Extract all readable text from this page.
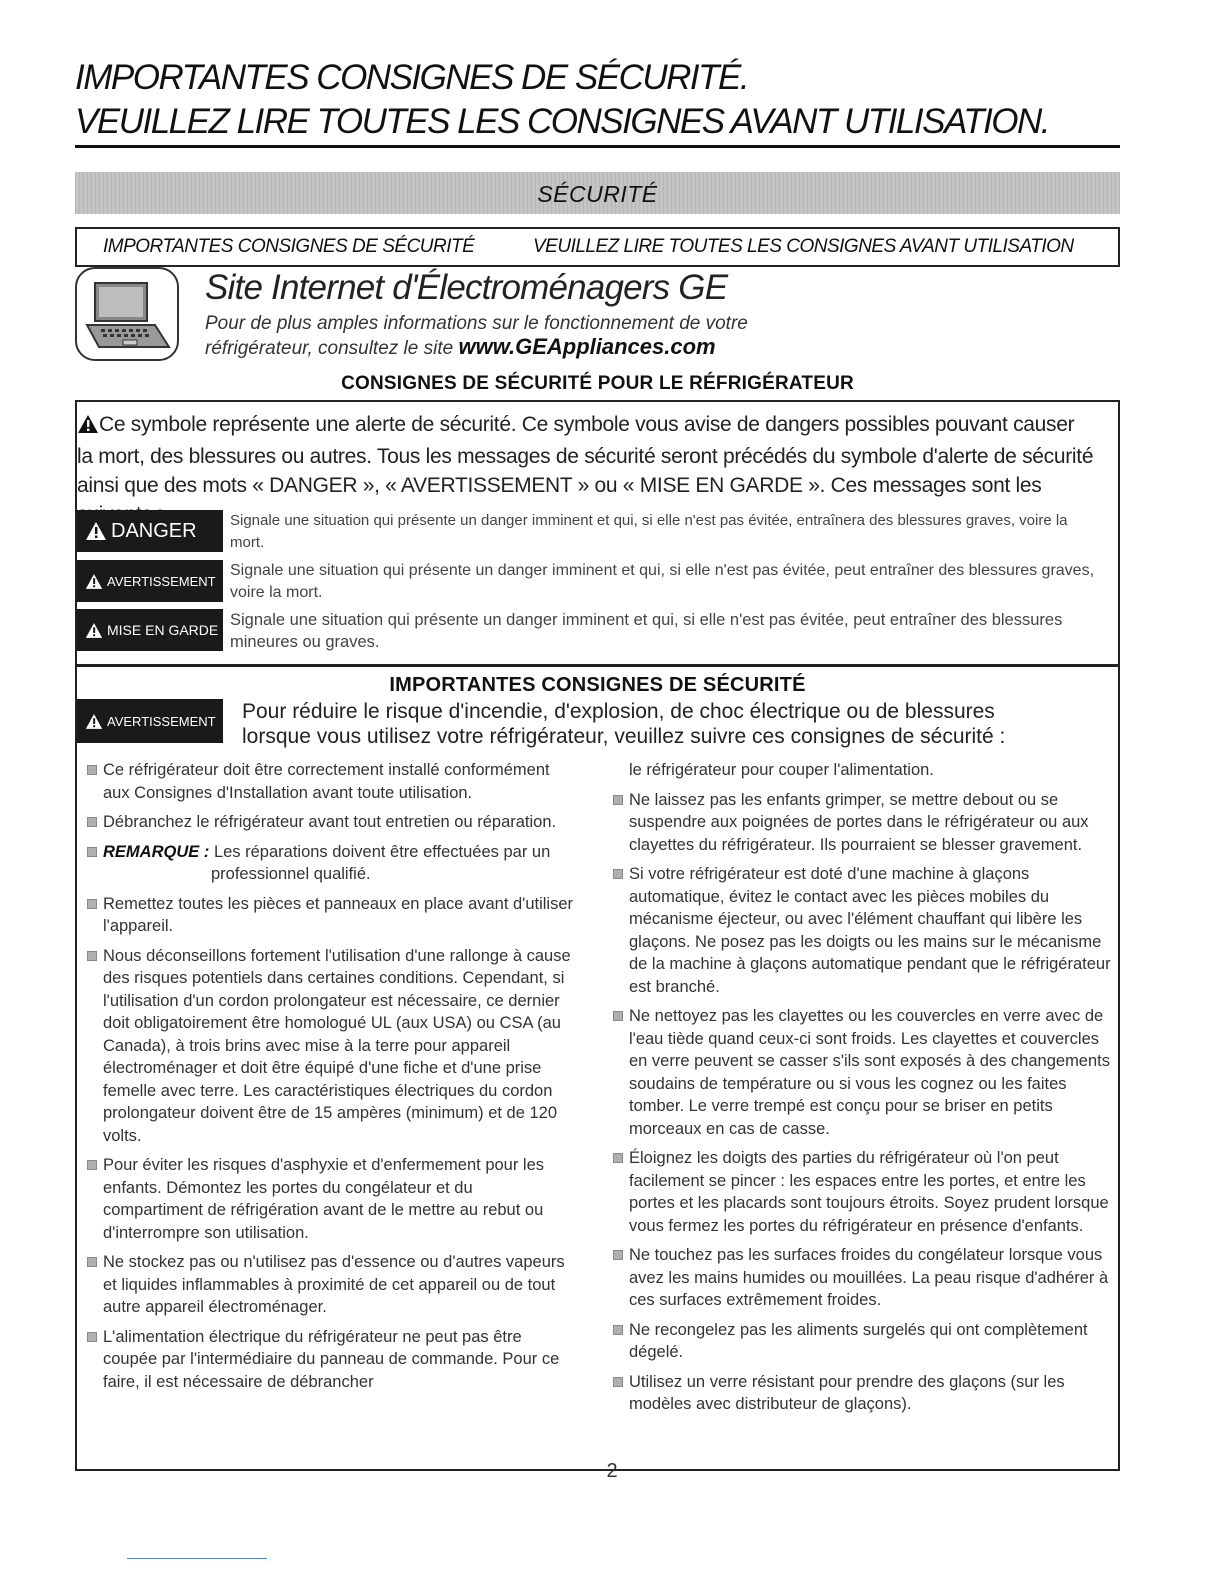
IMPORTANTES CONSIGNES DE SÉCURITÉ.
VEUILLEZ LIRE TOUTES LES CONSIGNES AVANT UTILISATION.
SÉCURITÉ
IMPORTANTES CONSIGNES DE SÉCURITÉ	VEUILLEZ LIRE TOUTES LES CONSIGNES AVANT UTILISATION
Site Internet d'Électroménagers GE
Pour de plus amples informations sur le fonctionnement de votre
réfrigérateur, consultez le site www.GEAppliances.com
CONSIGNES DE SÉCURITÉ POUR LE RÉFRIGÉRATEUR
Ce symbole représente une alerte de sécurité. Ce symbole vous avise de dangers possibles pouvant causer
la mort, des blessures ou autres. Tous les messages de sécurité seront précédés du symbole d'alerte de sécurité
ainsi que des mots « DANGER », « AVERTISSEMENT » ou « MISE EN GARDE ». Ces messages sont les
DANGER Signale une situation qui présente un danger imminent et qui, si elle n'est pas évitée, entraînera des blessures graves, voire la mort.
AVERTISSEMENT
Signale une situation qui présente un danger imminent et qui, si elle n'est pas évitée, peut entraîner des blessures graves, voire la mort.
MISE EN GARDE
Signale une situation qui présente un danger imminent et qui, si elle n'est pas évitée, peut entraîner des blessures mineures ou graves.
AVERTISSEMENT Pour réduire le risque d'incendie, d'explosion, de choc électrique ou de blessures
lorsque vous utilisez votre réfrigérateur, veuillez suivre ces consignes de sécurité :
Ce réfrigérateur doit être correctement installé conformément aux Consignes d'Installation avant toute utilisation.
Débranchez le réfrigérateur avant tout entretien ou réparation.
REMARQUE : Les réparations doivent être effectuées par un
professionnel qualifié.
Remettez toutes les pièces et panneaux en place avant d'utiliser l'appareil.
Nous déconseillons fortement l'utilisation d'une rallonge à cause des risques potentiels dans certaines conditions. Cependant, si l'utilisation d'un cordon prolongateur est nécessaire, ce dernier doit obligatoirement être homologué UL (aux USA) ou CSA (au Canada), à trois brins avec mise à la terre pour appareil électroménager et doit être équipé d'une fiche et d'une prise femelle avec terre. Les caractéristiques électriques du cordon prolongateur doivent être de 15 ampères (minimum) et de 120 volts.
Pour éviter les risques d'asphyxie et d'enfermement pour les enfants. Démontez les portes du congélateur et du compartiment de réfrigération avant de le mettre au rebut ou d'interrompre son utilisation.
Ne stockez pas ou n'utilisez pas d'essence ou d'autres vapeurs et liquides inflammables à proximité de cet appareil ou de tout autre appareil électroménager.
L'alimentation électrique du réfrigérateur ne peut pas être coupée par l'intermédiaire du panneau de commande. Pour ce faire, il est nécessaire de débrancher
le réfrigérateur pour couper l'alimentation.
Ne laissez pas les enfants grimper, se mettre debout ou se suspendre aux poignées de portes dans le réfrigérateur ou aux clayettes du réfrigérateur. Ils pourraient se blesser gravement.
Si votre réfrigérateur est doté d'une machine à glaçons automatique, évitez le contact avec les pièces mobiles du mécanisme éjecteur, ou avec l'élément chauffant qui libère les glaçons. Ne posez pas les doigts ou les mains sur le mécanisme de la machine à glaçons automatique pendant que le réfrigérateur est branché.
Ne nettoyez pas les clayettes ou les couvercles en verre avec de l'eau tiède quand ceux-ci sont froids. Les clayettes et couvercles en verre peuvent se casser s'ils sont exposés à des changements soudains de température ou si vous les cognez ou les faites tomber. Le verre trempé est conçu pour se briser en petits morceaux en cas de casse.
Éloignez les doigts des parties du réfrigérateur où l'on peut facilement se pincer : les espaces entre les portes, et entre les portes et les placards sont toujours étroits. Soyez prudent lorsque vous fermez les portes du réfrigérateur en présence d'enfants.
Ne touchez pas les surfaces froides du congélateur lorsque vous avez les mains humides ou mouillées. La peau risque d'adhérer à ces surfaces extrêmement froides.
Ne recongelez pas les aliments surgelés qui ont complètement dégelé.
Utilisez un verre résistant pour prendre des glaçons (sur les modèles avec distributeur de glaçons).
IMPORTANTES CONSIGNES DE SÉCURITÉ
2
